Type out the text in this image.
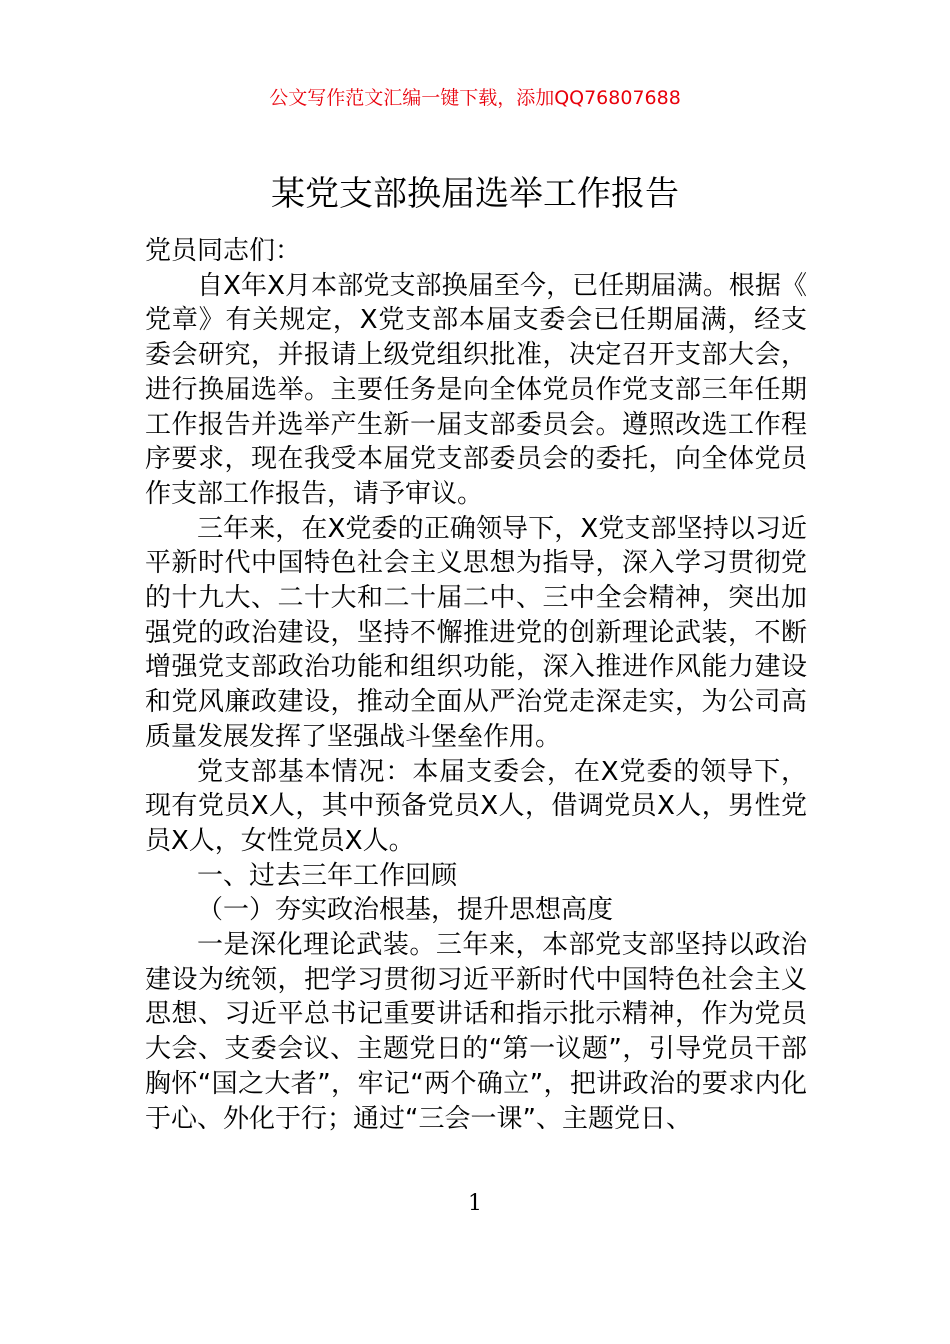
公文写作范文汇编一键下载，添加QQ76807688
某党支部换届选举工作报告

党员同志们：

自X年X月本部党支部换届至今，已任期届满。根据《党章》有关规定，X党支部本届支委会已任期届满，经支委会研究，并报请上级党组织批准，决定召开支部大会，进行换届选举。主要任务是向全体党员作党支部三年任期工作报告并选举产生新一届支部委员会。遵照改选工作程序要求，现在我受本届党支部委员会的委托，向全体党员作支部工作报告，请予审议。

三年来，在X党委的正确领导下，X党支部坚持以习近平新时代中国特色社会主义思想为指导，深入学习贯彻党的十九大、二十大和二十届二中、三中全会精神，突出加强党的政治建设，坚持不懈推进党的创新理论武装，不断增强党支部政治功能和组织功能，深入推进作风能力建设和党风廉政建设，推动全面从严治党走深走实，为公司高质量发展发挥了坚强战斗堡垒作用。

党支部基本情况：本届支委会，在X党委的领导下，现有党员X人，其中预备党员X人，借调党员X人，男性党员X人，女性党员X人。

一、过去三年工作回顾

（一）夯实政治根基，提升思想高度

一是深化理论武装。三年来，本部党支部坚持以政治建设为统领，把学习贯彻习近平新时代中国特色社会主义思想、习近平总书记重要讲话和指示批示精神，作为党员大会、支委会议、主题党日的“第一议题”，引导党员干部胸怀“国之大者”，牢记“两个确立”，把讲政治的要求内化于心、外化于行；通过“三会一课”、主题党日、

1
